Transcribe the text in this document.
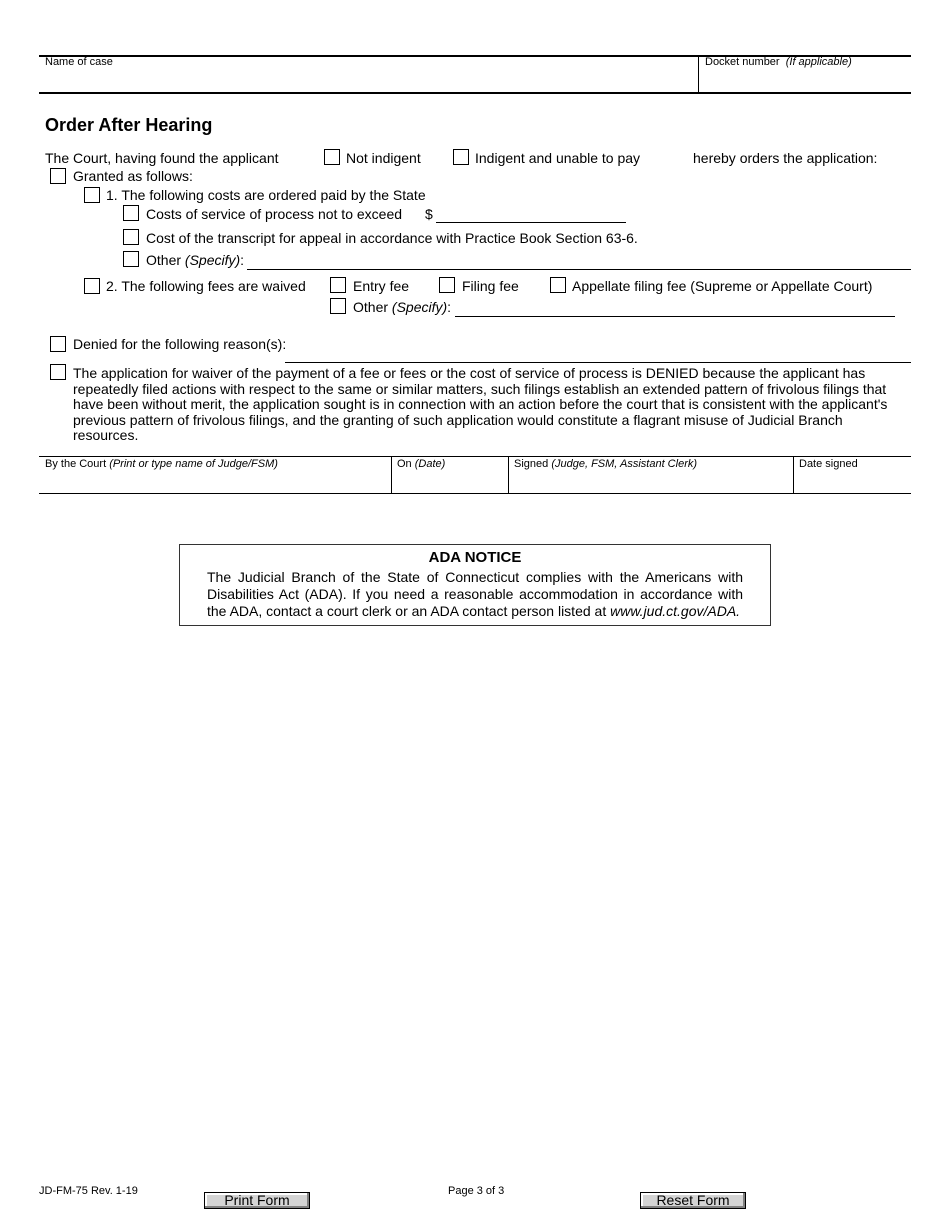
Name of case	Docket number (If applicable)
Order After Hearing
The Court, having found the applicant	Not indigent	Indigent and unable to pay	hereby orders the application:
Granted as follows:
1. The following costs are ordered paid by the State
Costs of service of process not to exceed $
Cost of the transcript for appeal in accordance with Practice Book Section 63-6.
Other (Specify):
2. The following fees are waived	Entry fee	Filing fee	Appellate filing fee (Supreme or Appellate Court)
Other (Specify):
Denied for the following reason(s):
The application for waiver of the payment of a fee or fees or the cost of service of process is DENIED because the applicant has repeatedly filed actions with respect to the same or similar matters, such filings establish an extended pattern of frivolous filings that have been without merit, the application sought is in connection with an action before the court that is consistent with the applicant's previous pattern of frivolous filings, and the granting of such application would constitute a flagrant misuse of Judicial Branch resources.
By the Court (Print or type name of Judge/FSM)	On (Date)	Signed (Judge, FSM, Assistant Clerk)	Date signed
ADA NOTICE
The Judicial Branch of the State of Connecticut complies with the Americans with Disabilities Act (ADA). If you need a reasonable accommodation in accordance with the ADA, contact a court clerk or an ADA contact person listed at www.jud.ct.gov/ADA.
JD-FM-75 Rev. 1-19
Print Form
Page 3 of 3
Reset Form
